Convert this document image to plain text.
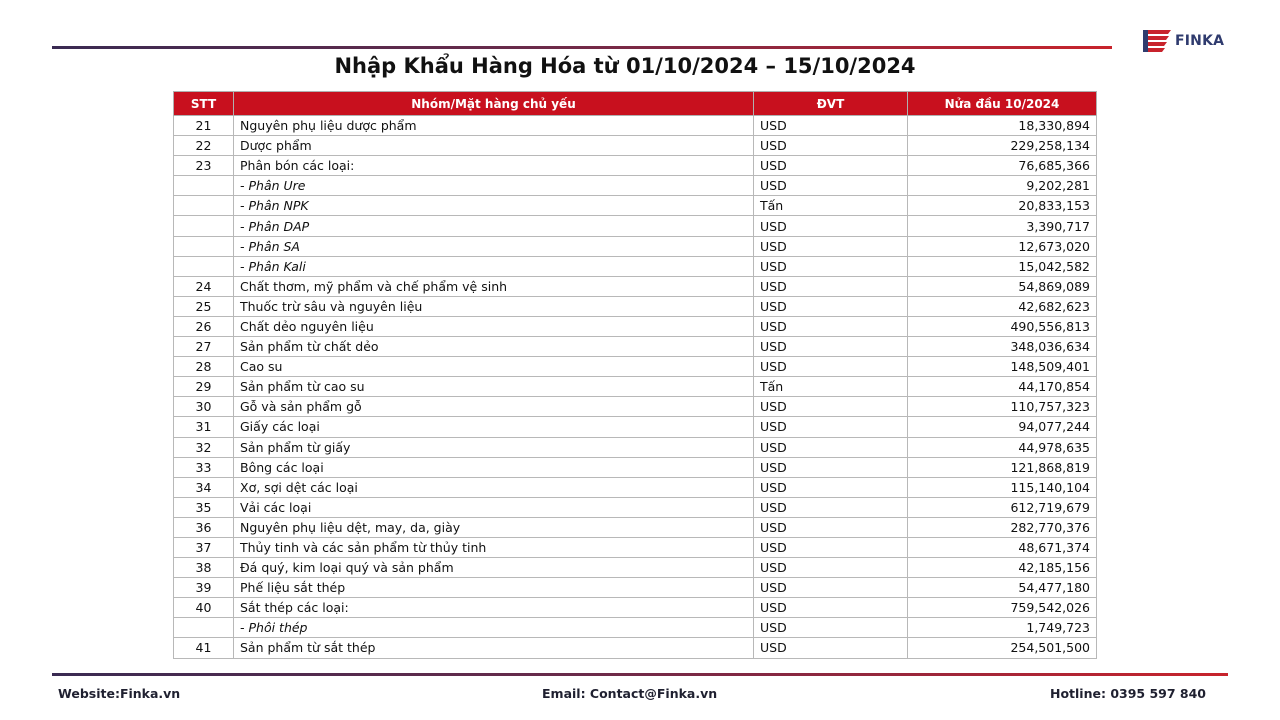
FINKA
Nhập Khẩu Hàng Hóa từ 01/10/2024 – 15/10/2024
STT	Nhóm/Mặt hàng chủ yếu	ĐVT	Nửa đầu 10/2024
21	Nguyên phụ liệu dược phẩm	USD	18,330,894
22	Dược phẩm	USD	229,258,134
23	Phân bón các loại:	USD	76,685,366
	- Phân Ure	USD	9,202,281
	- Phân NPK	Tấn	20,833,153
	- Phân DAP	USD	3,390,717
	- Phân SA	USD	12,673,020
	- Phân Kali	USD	15,042,582
24	Chất thơm, mỹ phẩm và chế phẩm vệ sinh	USD	54,869,089
25	Thuốc trừ sâu và nguyên liệu	USD	42,682,623
26	Chất dẻo nguyên liệu	USD	490,556,813
27	Sản phẩm từ chất dẻo	USD	348,036,634
28	Cao su	USD	148,509,401
29	Sản phẩm từ cao su	Tấn	44,170,854
30	Gỗ và sản phẩm gỗ	USD	110,757,323
31	Giấy các loại	USD	94,077,244
32	Sản phẩm từ giấy	USD	44,978,635
33	Bông các loại	USD	121,868,819
34	Xơ, sợi dệt các loại	USD	115,140,104
35	Vải các loại	USD	612,719,679
36	Nguyên phụ liệu dệt, may, da, giày	USD	282,770,376
37	Thủy tinh và các sản phẩm từ thủy tinh	USD	48,671,374
38	Đá quý, kim loại quý và sản phẩm	USD	42,185,156
39	Phế liệu sắt thép	USD	54,477,180
40	Sắt thép các loại:	USD	759,542,026
	- Phôi thép	USD	1,749,723
41	Sản phẩm từ sắt thép	USD	254,501,500
Website:Finka.vn	Email: Contact@Finka.vn	Hotline: 0395 597 840
